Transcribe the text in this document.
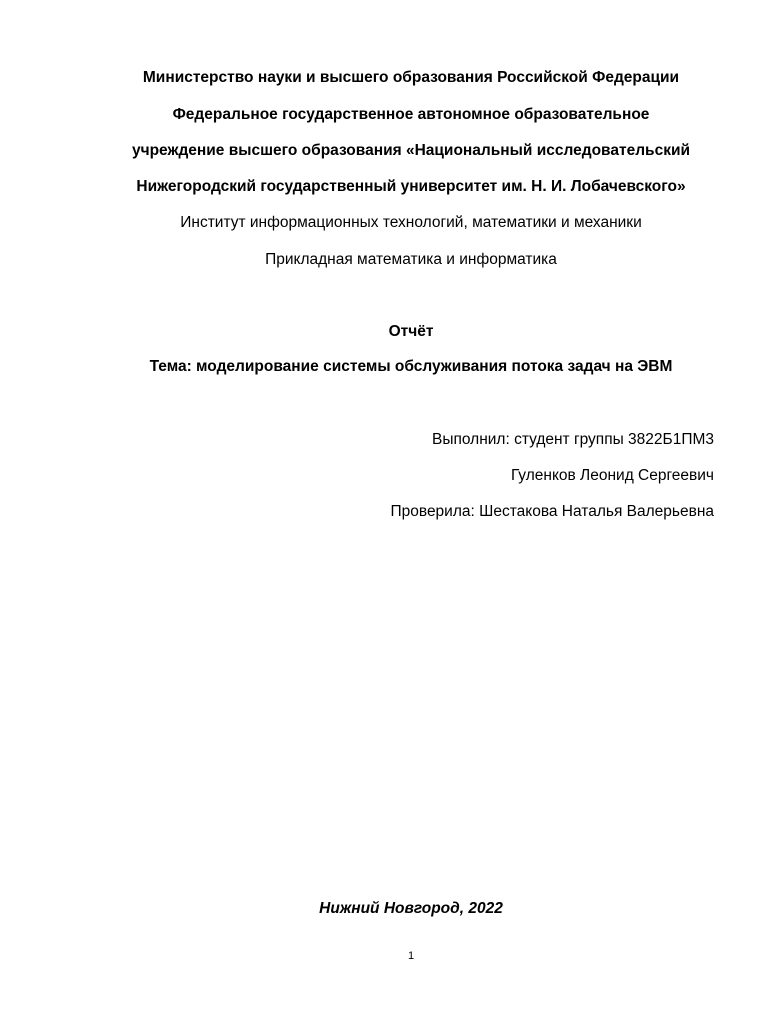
Министерство науки и высшего образования Российской Федерации
Федеральное государственное автономное образовательное
учреждение высшего образования «Национальный исследовательский
Нижегородский государственный университет им. Н. И. Лобачевского»
Институт информационных технологий, математики и механики
Прикладная математика и информатика
Отчёт
Тема: моделирование системы обслуживания потока задач на ЭВМ
Выполнил: студент группы 3822Б1ПМ3
Гуленков Леонид Сергеевич
Проверила: Шестакова Наталья Валерьевна
Нижний Новгород, 2022
1
